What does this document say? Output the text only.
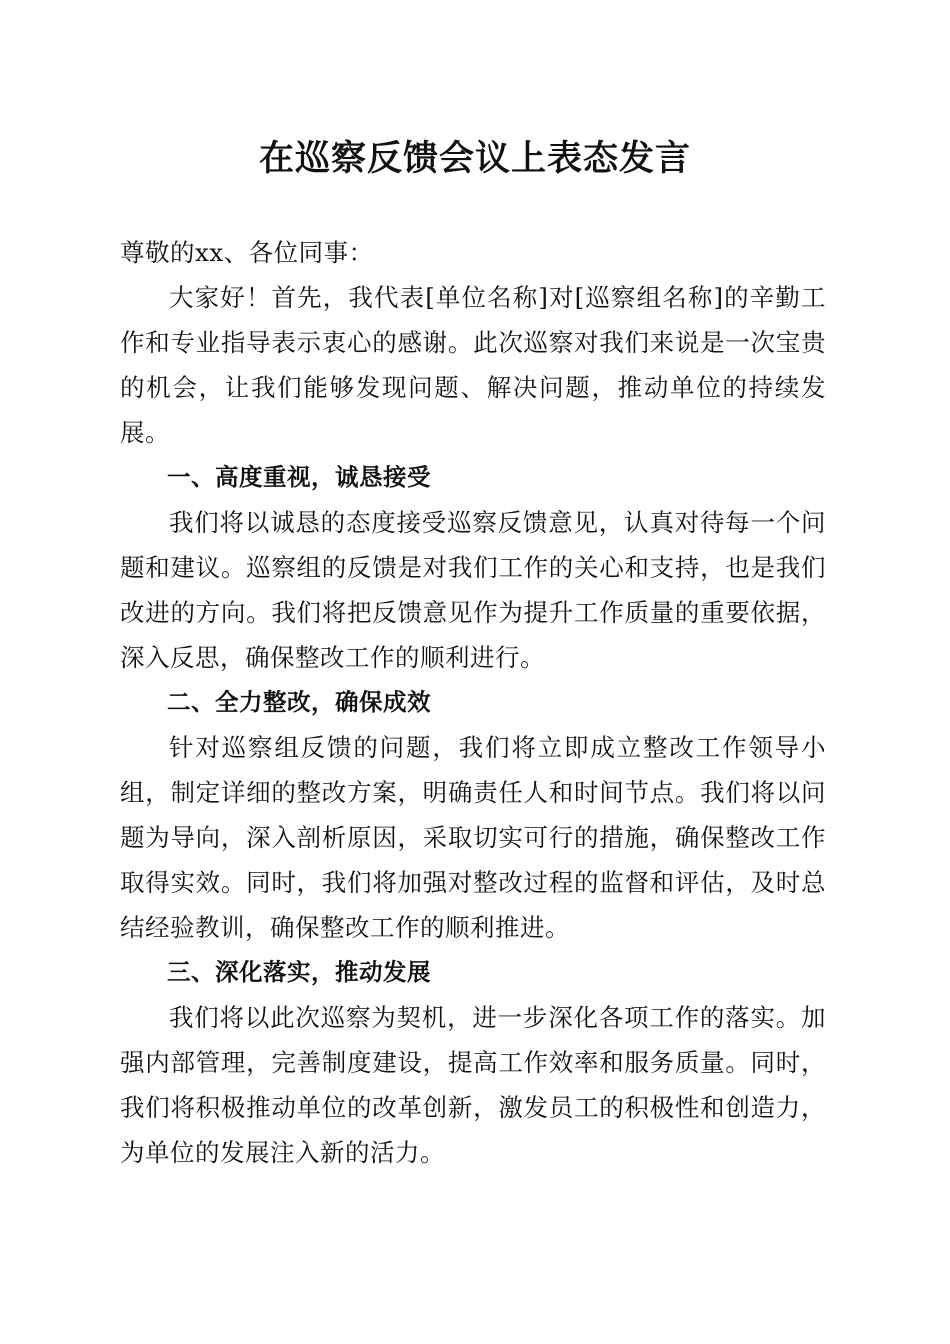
在巡察反馈会议上表态发言

尊敬的xx、各位同事：

大家好！首先，我代表[单位名称]对[巡察组名称]的辛勤工作和专业指导表示衷心的感谢。此次巡察对我们来说是一次宝贵的机会，让我们能够发现问题、解决问题，推动单位的持续发展。

一、高度重视，诚恳接受

我们将以诚恳的态度接受巡察反馈意见，认真对待每一个问题和建议。巡察组的反馈是对我们工作的关心和支持，也是我们改进的方向。我们将把反馈意见作为提升工作质量的重要依据，深入反思，确保整改工作的顺利进行。

二、全力整改，确保成效

针对巡察组反馈的问题，我们将立即成立整改工作领导小组，制定详细的整改方案，明确责任人和时间节点。我们将以问题为导向，深入剖析原因，采取切实可行的措施，确保整改工作取得实效。同时，我们将加强对整改过程的监督和评估，及时总结经验教训，确保整改工作的顺利推进。

三、深化落实，推动发展

我们将以此次巡察为契机，进一步深化各项工作的落实。加强内部管理，完善制度建设，提高工作效率和服务质量。同时，我们将积极推动单位的改革创新，激发员工的积极性和创造力，为单位的发展注入新的活力。
